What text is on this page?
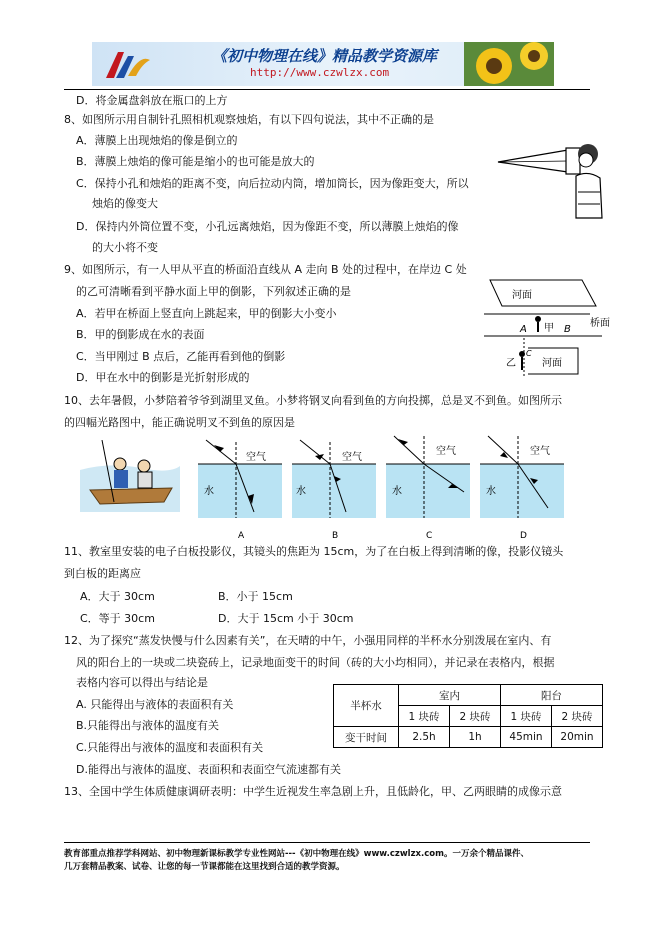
《初中物理在线》精品教学资源库
http://www.czwlzx.com
D．将金属盘斜放在瓶口的上方
8、如图所示用自制针孔照相机观察烛焰，有以下四句说法，其中不正确的是
A．薄膜上出现烛焰的像是倒立的
B．薄膜上烛焰的像可能是缩小的也可能是放大的
C．保持小孔和烛焰的距离不变，向后拉动内筒，增加筒长，因为像距变大，所以
烛焰的像变大
D．保持内外筒位置不变，小孔远离烛焰，因为像距不变，所以薄膜上烛焰的像
的大小将不变
9、如图所示，有一人甲从平直的桥面沿直线从 A 走向 B 处的过程中，在岸边 C 处
的乙可清晰看到平静水面上甲的倒影，下列叙述正确的是
A．若甲在桥面上竖直向上跳起来，甲的倒影大小变小
B．甲的倒影成在水的表面
C．当甲刚过 B 点后，乙能再看到他的倒影
D．甲在水中的倒影是光折射形成的
河面
桥面
A 甲 B
河面
乙
C
10、去年暑假，小梦陪着爷爷到湖里叉鱼。小梦将钢叉向看到鱼的方向投掷，总是叉不到鱼。如图所示
的四幅光路图中，能正确说明叉不到鱼的原因是
空气
水
A
空气
水
B
空气
水
C
空气
水
D
11、教室里安装的电子白板投影仪，其镜头的焦距为 15cm，为了在白板上得到清晰的像，投影仪镜头
到白板的距离应
A．大于 30cm	B．小于 15cm
C．等于 30cm	D．大于 15cm 小于 30cm
12、为了探究“蒸发快慢与什么因素有关”，在天晴的中午，小强用同样的半杯水分别泼展在室内、有
风的阳台上的一块或二块瓷砖上，记录地面变干的时间（砖的大小均相同），并记录在表格内，根据
表格内容可以得出与结论是
A. 只能得出与液体的表面积有关
B.只能得出与液体的温度有关
C.只能得出与液体的温度和表面积有关
D.能得出与液体的温度、表面积和表面空气流速都有关
半杯水	室内		阳台	
	1 块砖	2 块砖	1 块砖	2 块砖
变干时间	2.5h	1h	45min	20min
13、全国中学生体质健康调研表明：中学生近视发生率急剧上升，且低龄化，甲、乙两眼睛的成像示意
教育部重点推荐学科网站、初中物理新课标教学专业性网站---《初中物理在线》www.czwlzx.com。一万余个精品课件、
几万套精品教案、试卷、让您的每一节课都能在这里找到合适的教学资源。
